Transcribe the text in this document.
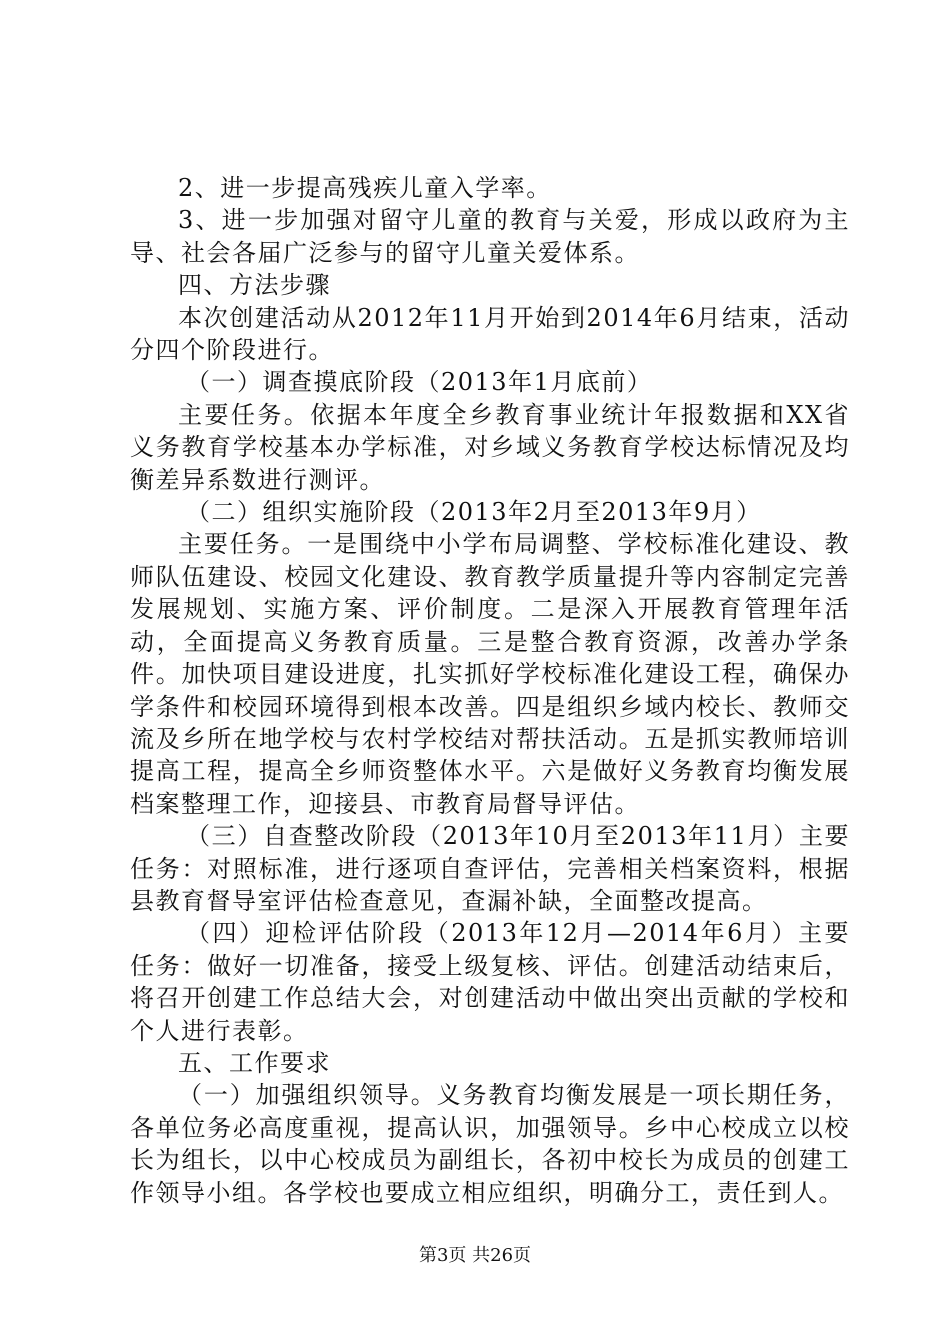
2、进一步提高残疾儿童入学率。

3、进一步加强对留守儿童的教育与关爱，形成以政府为主导、社会各届广泛参与的留守儿童关爱体系。

四、方法步骤

本次创建活动从2012年11月开始到2014年6月结束，活动分四个阶段进行。

（一）调查摸底阶段（2013年1月底前）

主要任务。依据本年度全乡教育事业统计年报数据和XX省义务教育学校基本办学标准，对乡域义务教育学校达标情况及均衡差异系数进行测评。

（二）组织实施阶段（2013年2月至2013年9月）

主要任务。一是围绕中小学布局调整、学校标准化建设、教师队伍建设、校园文化建设、教育教学质量提升等内容制定完善发展规划、实施方案、评价制度。二是深入开展教育管理年活动，全面提高义务教育质量。三是整合教育资源，改善办学条件。加快项目建设进度，扎实抓好学校标准化建设工程，确保办学条件和校园环境得到根本改善。四是组织乡域内校长、教师交流及乡所在地学校与农村学校结对帮扶活动。五是抓实教师培训提高工程，提高全乡师资整体水平。六是做好义务教育均衡发展档案整理工作，迎接县、市教育局督导评估。

（三）自查整改阶段（2013年10月至2013年11月）主要任务：对照标准，进行逐项自查评估，完善相关档案资料，根据县教育督导室评估检查意见，查漏补缺，全面整改提高。

（四）迎检评估阶段（2013年12月—2014年6月）主要任务：做好一切准备，接受上级复核、评估。创建活动结束后，将召开创建工作总结大会，对创建活动中做出突出贡献的学校和个人进行表彰。

五、工作要求

（一）加强组织领导。义务教育均衡发展是一项长期任务，各单位务必高度重视，提高认识，加强领导。乡中心校成立以校长为组长，以中心校成员为副组长，各初中校长为成员的创建工作领导小组。各学校也要成立相应组织，明确分工，责任到人。

第3页 共26页
